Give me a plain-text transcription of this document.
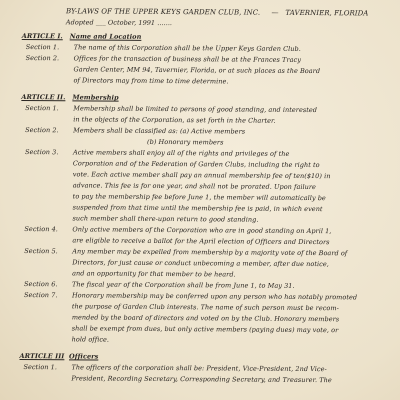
BY-LAWS OF THE UPPER KEYS GARDEN CLUB, INC.     —   TAVERNIER, FLORIDA
Adopted ___ October, 1991 .......
ARTICLE I. Name and Location
Section 1.	The name of this Corporation shall be the Upper Keys Garden Club.
Section 2.	Offices for the transaction of business shall be at the Frances Tracy
Garden Center, MM 94, Tavernier, Florida, or at such places as the Board
of Directors may from time to time determine.
ARTICLE II. Membership
Section 1.	Membership shall be limited to persons of good standing, and interested
in the objects of the Corporation, as set forth in the Charter.
Section 2.	Members shall be classified as: (a) Active members
(b) Honorary members
Section 3.	Active members shall enjoy all of the rights and privileges of the
Corporation and of the Federation of Garden Clubs, including the right to
vote. Each active member shall pay an annual membership fee of ten($10) in
advance. This fee is for one year, and shall not be prorated. Upon failure
to pay the membership fee before June 1, the member will automatically be
suspended from that time until the membership fee is paid, in which event
such member shall there-upon return to good standing.
Section 4.	Only active members of the Corporation who are in good standing on April 1,
are eligible to receive a ballot for the April election of Officers and Directors
Section 5.	Any member may be expelled from membership by a majority vote of the Board of
Directors, for just cause or conduct unbecoming a member, after due notice,
and an opportunity for that member to be heard.
Section 6.	The fiscal year of the Corporation shall be from June 1, to May 31.
Section 7.	Honorary membership may be conferred upon any person who has notably promoted
the purpose of Garden Club interests. The name of such person must be recom-
mended by the board of directors and voted on by the Club. Honorary members
shall be exempt from dues, but only active members (paying dues) may vote, or
hold office.
ARTICLE III Officers
Section 1.	The officers of the corporation shall be: President, Vice-President, 2nd Vice-
President, Recording Secretary, Corresponding Secretary, and Treasurer. The
